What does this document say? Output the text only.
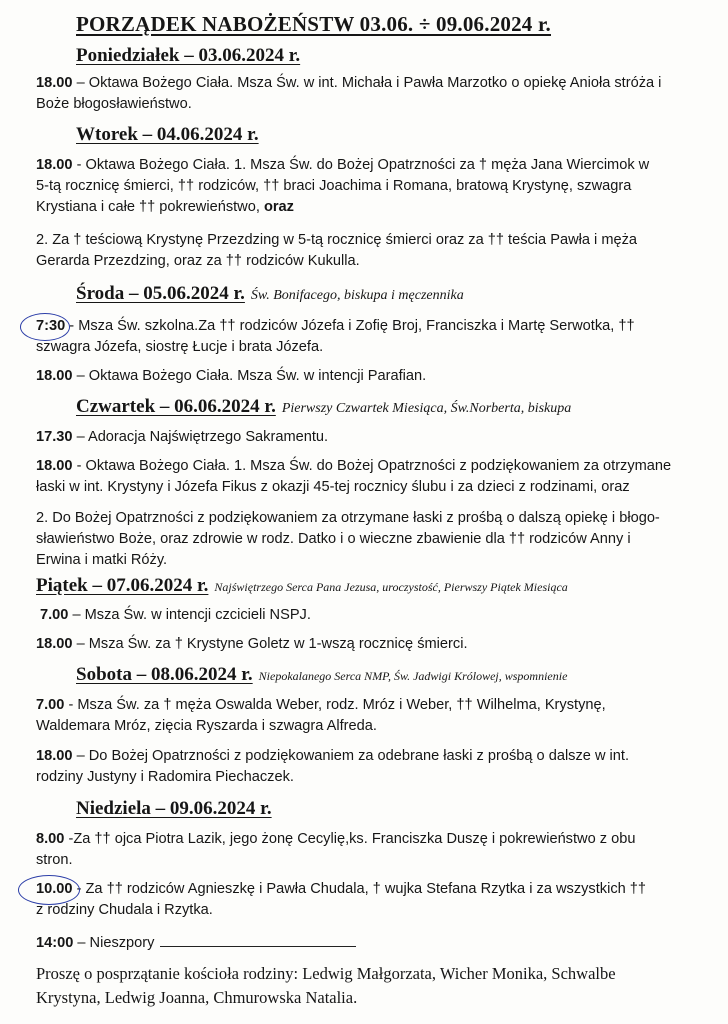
PORZĄDEK NABOŻEŃSTW 03.06. ÷ 09.06.2024 r.
Poniedziałek – 03.06.2024 r.
18.00 – Oktawa Bożego Ciała. Msza Św. w int. Michała i Pawła Marzotko o opiekę Anioła stróża i
Boże błogosławieństwo.
Wtorek – 04.06.2024 r.
18.00 - Oktawa Bożego Ciała. 1. Msza Św. do Bożej Opatrzności za † męża Jana Wiercimok w
5-tą rocznicę śmierci, †† rodziców, †† braci Joachima i Romana, bratową Krystynę, szwagra
Krystiana i całe †† pokrewieństwo, oraz
2. Za † teściową Krystynę Przezdzing w 5-tą rocznicę śmierci oraz za †† teścia Pawła i męża
Gerarda Przezdzing, oraz za †† rodziców Kukulla.
Środa – 05.06.2024 r. Św. Bonifacego, biskupa i męczennika
7:30 - Msza Św. szkolna.Za †† rodziców Józefa i Zofię Broj, Franciszka i Martę Serwotka, ††
szwagra Józefa, siostrę Łucje i brata Józefa.
18.00 – Oktawa Bożego Ciała. Msza Św. w intencji Parafian.
Czwartek – 06.06.2024 r. Pierwszy Czwartek Miesiąca, Św.Norberta, biskupa
17.30 – Adoracja Najświętrzego Sakramentu.
18.00 - Oktawa Bożego Ciała. 1. Msza Św. do Bożej Opatrzności z podziękowaniem za otrzymane
łaski w int. Krystyny i Józefa Fikus z okazji 45-tej rocznicy ślubu i za dzieci z rodzinami, oraz
2. Do Bożej Opatrzności z podziękowaniem za otrzymane łaski z prośbą o dalszą opiekę i błogo-
sławieństwo Boże, oraz zdrowie w rodz. Datko i o wieczne zbawienie dla †† rodziców Anny i
Erwina i matki Róży.
Piątek – 07.06.2024 r. Najświętrzego Serca Pana Jezusa, uroczystość, Pierwszy Piątek Miesiąca
7.00 – Msza Św. w intencji czcicieli NSPJ.
18.00 – Msza Św. za † Krystyne Goletz w 1-wszą rocznicę śmierci.
Sobota – 08.06.2024 r. Niepokalanego Serca NMP, Św. Jadwigi Królowej, wspomnienie
7.00 - Msza Św. za † męża Oswalda Weber, rodz. Mróz i Weber, †† Wilhelma, Krystynę,
Waldemara Mróz, zięcia Ryszarda i szwagra Alfreda.
18.00 – Do Bożej Opatrzności z podziękowaniem za odebrane łaski z prośbą o dalsze w int.
rodziny Justyny i Radomira Piechaczek.
Niedziela – 09.06.2024 r.
8.00 -Za †† ojca Piotra Lazik, jego żonę Cecylię,ks. Franciszka Duszę i pokrewieństwo z obu
stron.
10.00 - Za †† rodziców Agnieszkę i Pawła Chudala, † wujka Stefana Rzytka i za wszystkich ††
z rodziny Chudala i Rzytka.
14:00 – Nieszpory
Proszę o posprzątanie kościoła rodziny: Ledwig Małgorzata, Wicher Monika, Schwalbe
Krystyna, Ledwig Joanna, Chmurowska Natalia.
